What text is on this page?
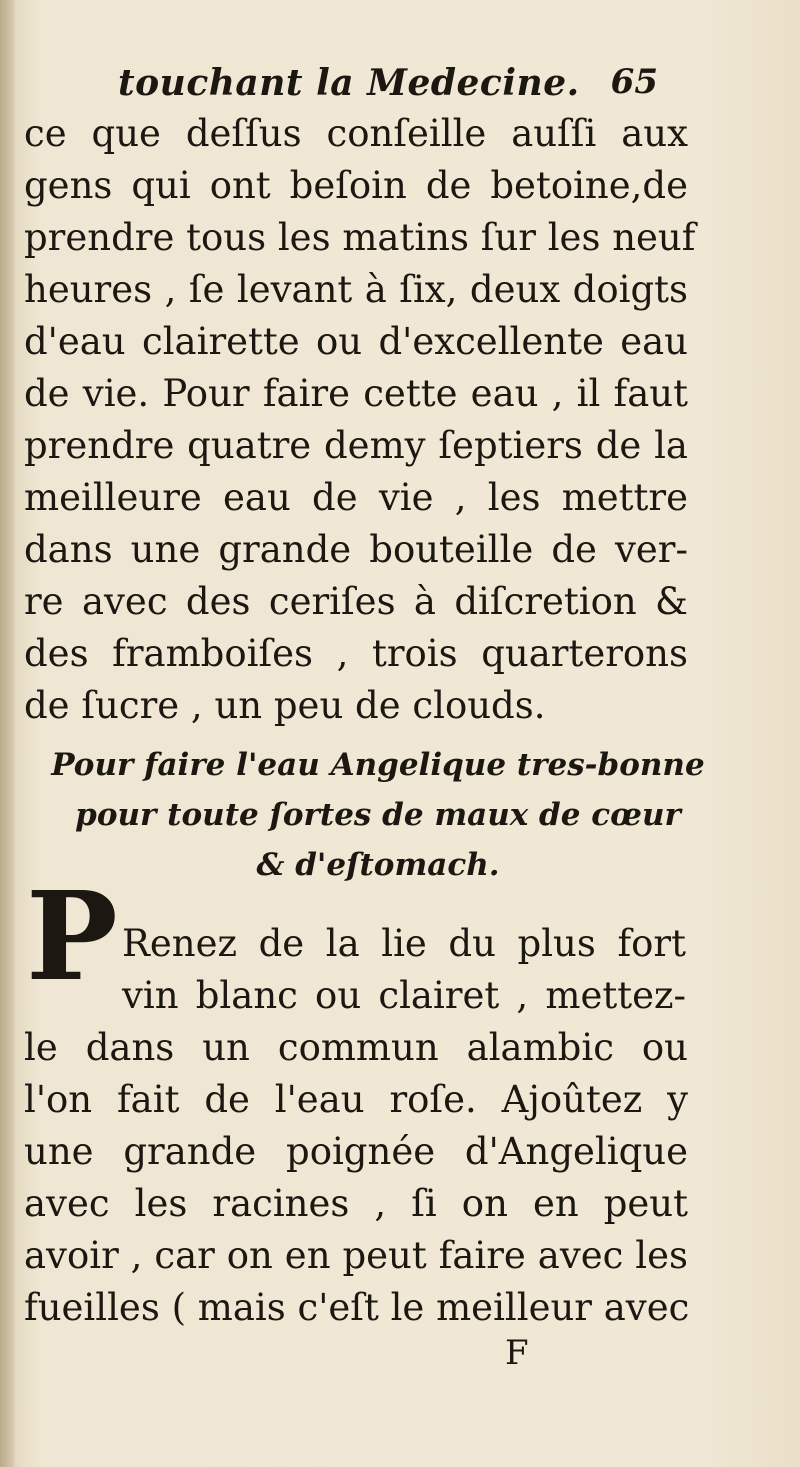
touchant la Medecine. 65
ce que deſſus conſeille auſſi aux
gens qui ont beſoin de betoine,de
prendre tous les matins ſur les neuf
heures , ſe levant à ſix, deux doigts
d'eau clairette ou d'excellente eau
de vie. Pour faire cette eau , il faut
prendre quatre demy ſeptiers de la
meilleure eau de vie , les mettre
dans une grande bouteille de ver-
re avec des ceriſes à diſcretion &
des framboiſes , trois quarterons
de ſucre , un peu de clouds.
Pour faire l'eau Angelique tres-bonne
pour toute ſortes de maux de cœur
& d'eſtomach.
P Renez de la lie du plus fort
vin blanc ou clairet , mettez-
le dans un commun alambic ou
l'on fait de l'eau roſe. Ajoûtez y
une grande poignée d'Angelique
avec les racines , ſi on en peut
avoir , car on en peut faire avec les
fueilles ( mais c'eſt le meilleur avec
F
